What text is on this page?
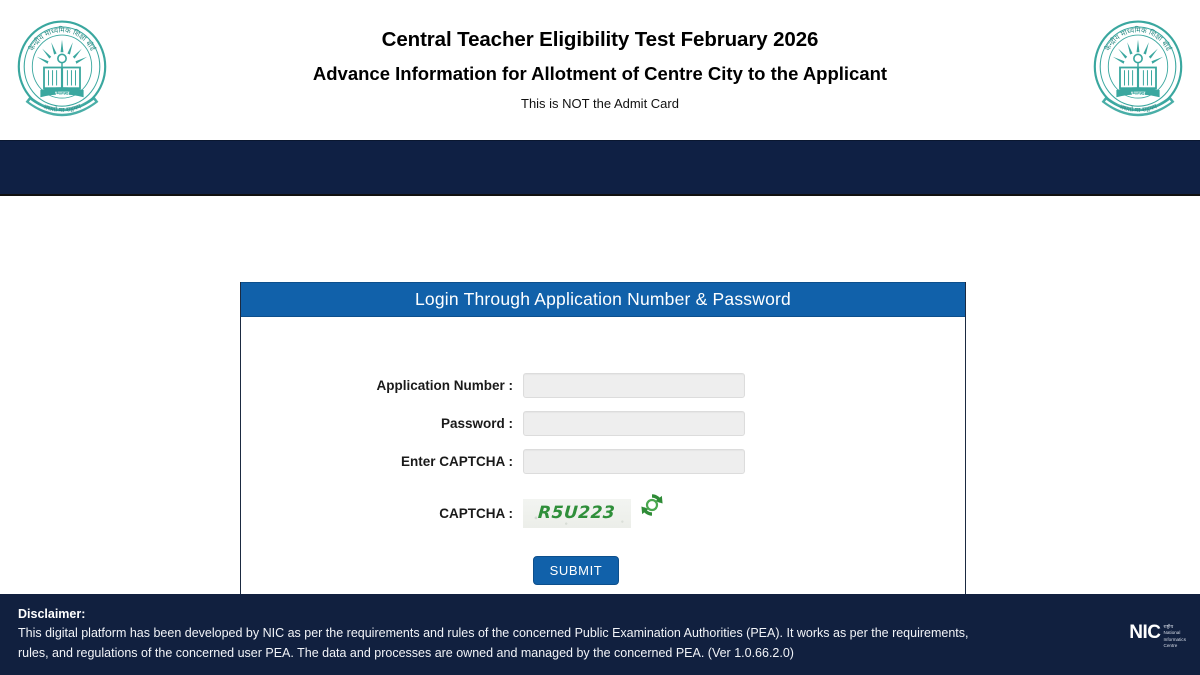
भारत
असतो मा सद्गमय
केन्द्रीय माध्यमिक शिक्षा बोर्ड	Central Teacher Eligibility Test February 2026
Advance Information for Allotment of Centre City to the Applicant
This is NOT the Admit Card
भारत
असतो मा सद्गमय
केन्द्रीय माध्यमिक शिक्षा बोर्ड
Login Through Application Number & Password
Application Number :
Password :
Enter CAPTCHA :
CAPTCHA :	R5U223
SUBMIT
Disclaimer:
This digital platform has been developed by NIC as per the requirements and rules of the concerned Public Examination Authorities (PEA). It works as per the requirements, rules, and regulations of the concerned user PEA. The data and processes are owned and managed by the concerned PEA. (Ver 1.0.66.2.0)
NIC राष्ट्रीय
National
Informatics
Centre
